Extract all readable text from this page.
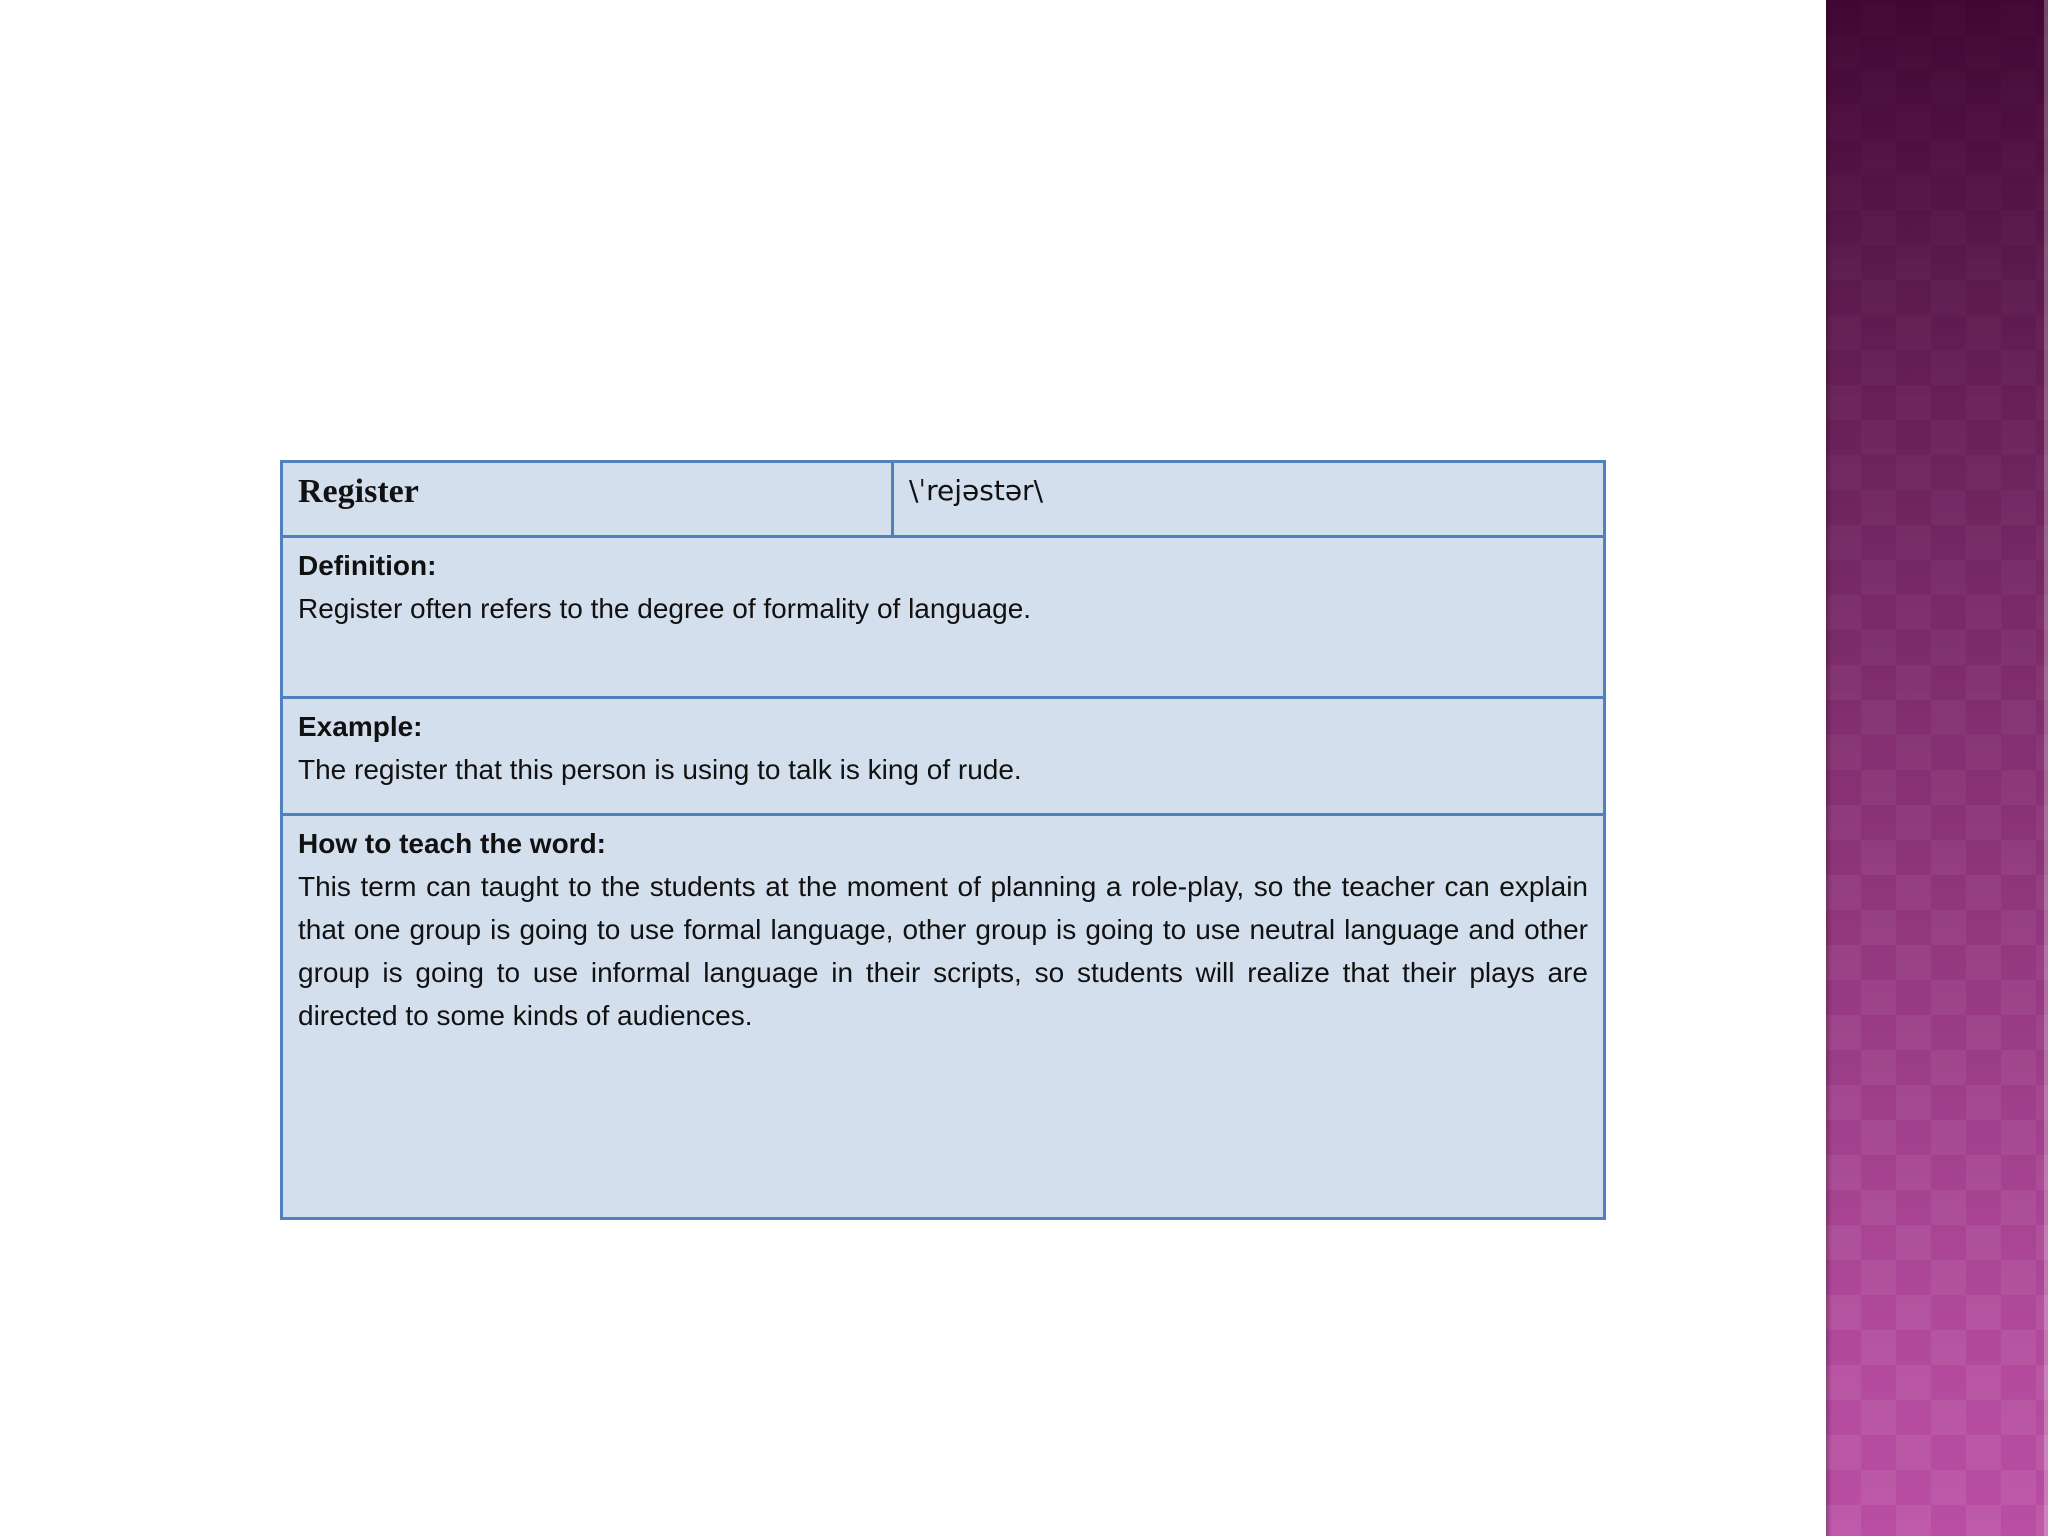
Register	\ˈrejəstər\

Definition:
Register often refers to the degree of formality of language.

Example:
The register that this person is using to talk is king of rude.

How to teach the word:
This term can taught to the students at the moment of planning a role-play, so the teacher can explain that one group is going to use formal language, other group is going to use neutral language and other group is going to use informal language in their scripts, so students will realize that their plays are directed to some kinds of audiences.
